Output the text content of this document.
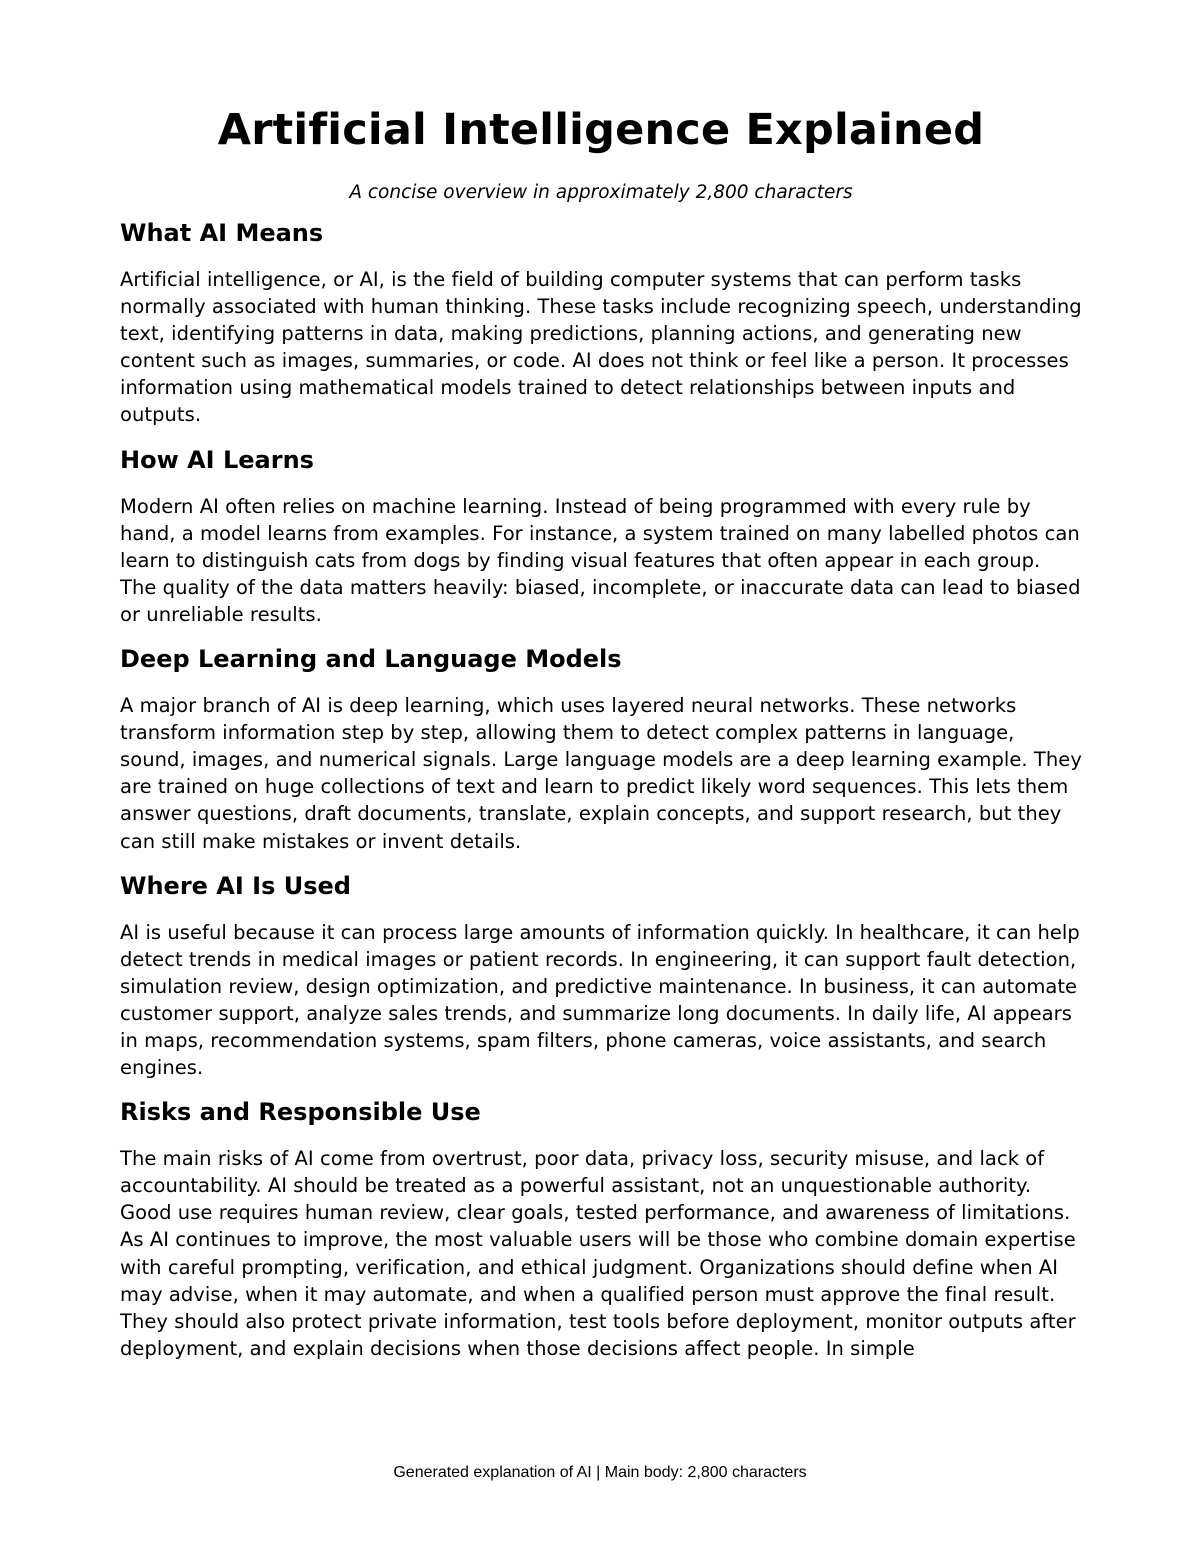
Artificial Intelligence Explained

A concise overview in approximately 2,800 characters

What AI Means

Artificial intelligence, or AI, is the field of building computer systems that can perform tasks normally associated with human thinking. These tasks include recognizing speech, understanding text, identifying patterns in data, making predictions, planning actions, and generating new content such as images, summaries, or code. AI does not think or feel like a person. It processes information using mathematical models trained to detect relationships between inputs and outputs.

How AI Learns

Modern AI often relies on machine learning. Instead of being programmed with every rule by hand, a model learns from examples. For instance, a system trained on many labelled photos can learn to distinguish cats from dogs by finding visual features that often appear in each group. The quality of the data matters heavily: biased, incomplete, or inaccurate data can lead to biased or unreliable results.

Deep Learning and Language Models

A major branch of AI is deep learning, which uses layered neural networks. These networks transform information step by step, allowing them to detect complex patterns in language, sound, images, and numerical signals. Large language models are a deep learning example. They are trained on huge collections of text and learn to predict likely word sequences. This lets them answer questions, draft documents, translate, explain concepts, and support research, but they can still make mistakes or invent details.

Where AI Is Used

AI is useful because it can process large amounts of information quickly. In healthcare, it can help detect trends in medical images or patient records. In engineering, it can support fault detection, simulation review, design optimization, and predictive maintenance. In business, it can automate customer support, analyze sales trends, and summarize long documents. In daily life, AI appears in maps, recommendation systems, spam filters, phone cameras, voice assistants, and search engines.

Risks and Responsible Use

The main risks of AI come from overtrust, poor data, privacy loss, security misuse, and lack of accountability. AI should be treated as a powerful assistant, not an unquestionable authority. Good use requires human review, clear goals, tested performance, and awareness of limitations. As AI continues to improve, the most valuable users will be those who combine domain expertise with careful prompting, verification, and ethical judgment. Organizations should define when AI may advise, when it may automate, and when a qualified person must approve the final result. They should also protect private information, test tools before deployment, monitor outputs after deployment, and explain decisions when those decisions affect people. In simple

Generated explanation of AI | Main body: 2,800 characters
